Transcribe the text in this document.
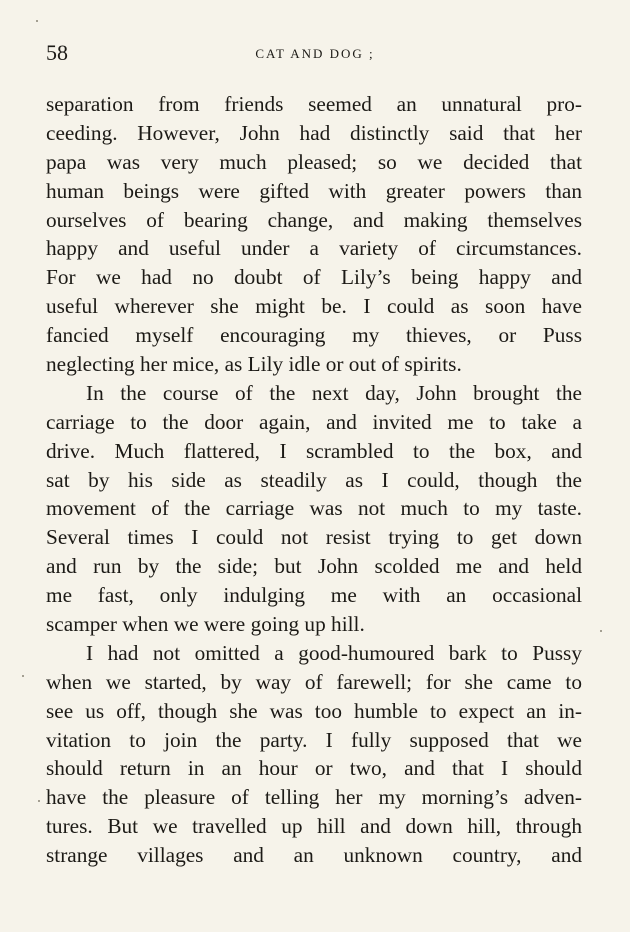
58	CAT AND DOG ;
separation from friends seemed an unnatural pro-
ceeding. However, John had distinctly said that her
papa was very much pleased; so we decided that
human beings were gifted with greater powers than
ourselves of bearing change, and making themselves
happy and useful under a variety of circumstances.
For we had no doubt of Lily’s being happy and
useful wherever she might be. I could as soon have
fancied myself encouraging my thieves, or Puss
neglecting her mice, as Lily idle or out of spirits.
In the course of the next day, John brought the
carriage to the door again, and invited me to take a
drive. Much flattered, I scrambled to the box, and
sat by his side as steadily as I could, though the
movement of the carriage was not much to my taste.
Several times I could not resist trying to get down
and run by the side; but John scolded me and held
me fast, only indulging me with an occasional
scamper when we were going up hill.
I had not omitted a good-humoured bark to Pussy
when we started, by way of farewell; for she came to
see us off, though she was too humble to expect an in-
vitation to join the party. I fully supposed that we
should return in an hour or two, and that I should
have the pleasure of telling her my morning’s adven-
tures. But we travelled up hill and down hill, through
strange villages and an unknown country, and
